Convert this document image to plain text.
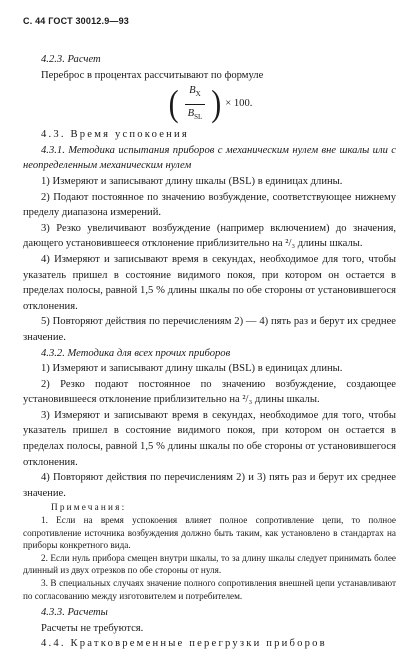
С. 44 ГОСТ 30012.9—93

4.2.3. Расчет

Переброс в процентах рассчитывают по формуле

( $\frac{B_X}{B_{SL}}$ ) × 100.

4.3. Время успокоения

4.3.1. Методика испытания приборов с механическим нулем вне шкалы или с неопределенным механическим нулем

1) Измеряют и записывают длину шкалы (BSL) в единицах длины.

2) Подают постоянное по значению возбуждение, соответствующее нижнему пределу диапазона измерений.

3) Резко увеличивают возбуждение (например включением) до значения, дающего установившееся отклонение приблизительно на ²/₃ длины шкалы.

4) Измеряют и записывают время в секундах, необходимое для того, чтобы указатель пришел в состояние видимого покоя, при котором он остается в пределах полосы, равной 1,5 % длины шкалы по обе стороны от установившегося отклонения.

5) Повторяют действия по перечислениям 2) — 4) пять раз и берут их среднее значение.

4.3.2. Методика для всех прочих приборов

1) Измеряют и записывают длину шкалы (BSL) в единицах длины.

2) Резко подают постоянное по значению возбуждение, создающее установившееся отклонение приблизительно на ²/₃ длины шкалы.

3) Измеряют и записывают время в секундах, необходимое для того, чтобы указатель пришел в состояние видимого покоя, при котором он остается в пределах полосы, равной 1,5 % длины шкалы по обе стороны от установившегося отклонения.

4) Повторяют действия по перечислениям 2) и 3) пять раз и берут их среднее значение.

Примечания:

1. Если на время успокоения влияет полное сопротивление цепи, то полное сопротивление источника возбуждения должно быть таким, как установлено в стандартах на приборы конкретного вида.

2. Если нуль прибора смещен внутри шкалы, то за длину шкалы следует принимать более длинный из двух отрезков по обе стороны от нуля.

3. В специальных случаях значение полного сопротивления внешней цепи устанавливают по согласованию между изготовителем и потребителем.

4.3.3. Расчеты

Расчеты не требуются.

4.4. Кратковременные перегрузки приборов
